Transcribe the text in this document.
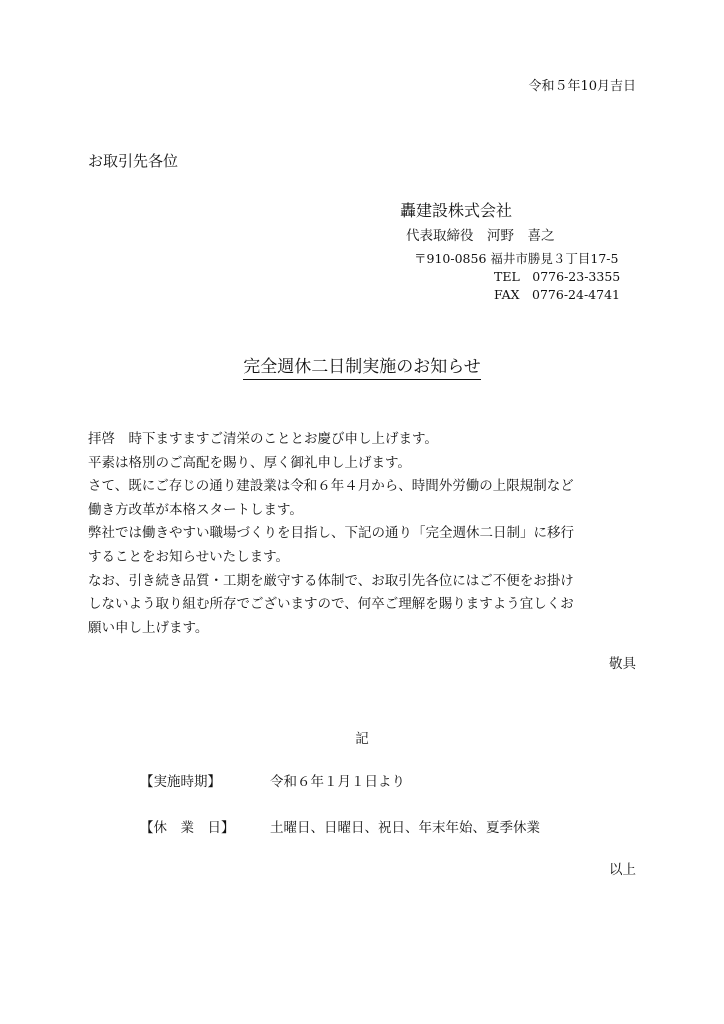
令和５年10月吉日
お取引先各位
轟建設株式会社
代表取締役　河野　喜之
〒910-0856 福井市勝見３丁目17-5
TEL　0776-23-3355
FAX　0776-24-4741
完全週休二日制実施のお知らせ

拝啓　時下ますますご清栄のこととお慶び申し上げます。

平素は格別のご高配を賜り、厚く御礼申し上げます。

さて、既にご存じの通り建設業は令和６年４月から、時間外労働の上限規制など

働き方改革が本格スタートします。

弊社では働きやすい職場づくりを目指し、下記の通り「完全週休二日制」に移行

することをお知らせいたします。

なお、引き続き品質・工期を厳守する体制で、お取引先各位にはご不便をお掛け

しないよう取り組む所存でございますので、何卒ご理解を賜りますよう宜しくお

願い申し上げます。

敬具
記
【実施時期】	令和６年１月１日より
【休　業　日】	土曜日、日曜日、祝日、年末年始、夏季休業
以上
